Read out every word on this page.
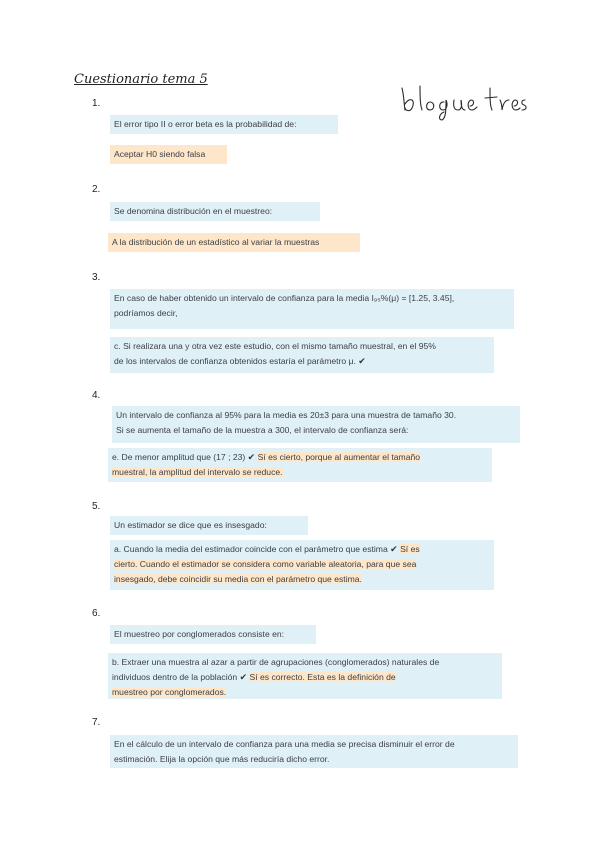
Cuestionario tema 5
1.
El error tipo II o error beta es la probabilidad de:
Aceptar H0 siendo falsa
2.
Se denomina distribución en el muestreo:
A la distribución de un estadístico al variar la muestras
3.
En caso de haber obtenido un intervalo de confianza para la media I₉₅%(μ) = [1.25, 3.45],
podríamos decir,
c. Si realizara una y otra vez este estudio, con el mismo tamaño muestral, en el 95%
de los intervalos de confianza obtenidos estaría el parámetro μ. ✔
4.
Un intervalo de confianza al 95% para la media es 20±3 para una muestra de tamaño 30.
Si se aumenta el tamaño de la muestra a 300, el intervalo de confianza será:
e. De menor amplitud que (17 ; 23) ✔ Sí es cierto, porque al aumentar el tamaño
muestral, la amplitud del intervalo se reduce.
5.
Un estimador se dice que es insesgado:
a. Cuando la media del estimador coincide con el parámetro que estima ✔ Sí es
cierto. Cuando el estimador se considera como variable aleatoria, para que sea
insesgado, debe coincidir su media con el parámetro que estima.
6.
El muestreo por conglomerados consiste en:
b. Extraer una muestra al azar a partir de agrupaciones (conglomerados) naturales de
individuos dentro de la población ✔ Sí es correcto. Esta es la definición de
muestreo por conglomerados.
7.
En el cálculo de un intervalo de confianza para una media se precisa disminuir el error de
estimación. Elija la opción que más reduciría dicho error.
